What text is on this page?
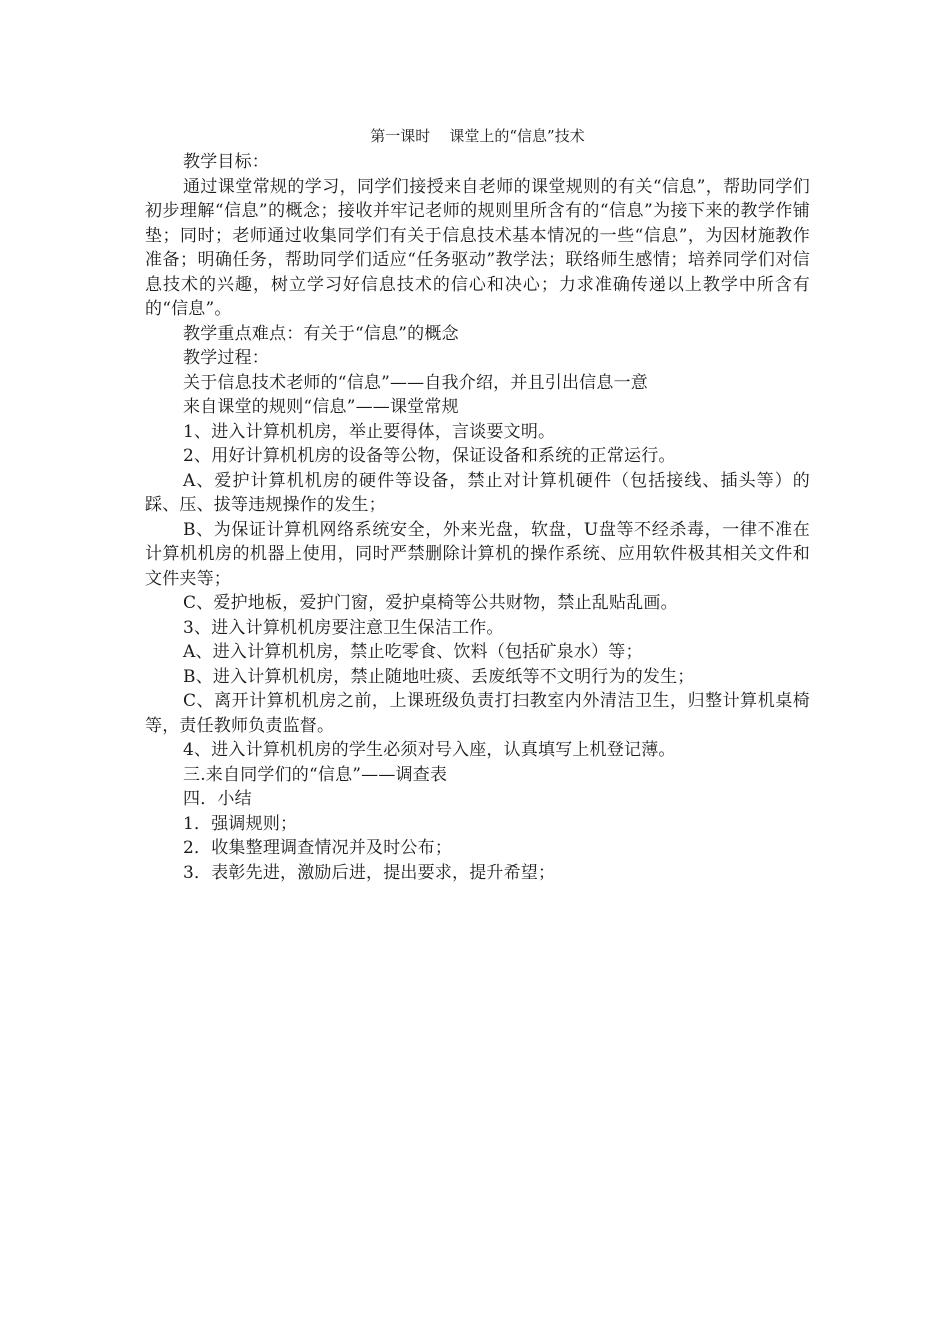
第一课时    课堂上的“信息”技术

教学目标：

通过课堂常规的学习，同学们接授来自老师的课堂规则的有关“信息”，帮助同学们初步理解“信息”的概念；接收并牢记老师的规则里所含有的“信息”为接下来的教学作铺垫；同时；老师通过收集同学们有关于信息技术基本情况的一些“信息”，为因材施教作准备；明确任务，帮助同学们适应“任务驱动”教学法；联络师生感情；培养同学们对信息技术的兴趣，树立学习好信息技术的信心和决心；力求准确传递以上教学中所含有的“信息”。

教学重点难点：有关于“信息”的概念

教学过程：

关于信息技术老师的“信息”——自我介绍，并且引出信息一意

来自课堂的规则“信息”——课堂常规

1、进入计算机机房，举止要得体，言谈要文明。

2、用好计算机机房的设备等公物，保证设备和系统的正常运行。

A、爱护计算机机房的硬件等设备，禁止对计算机硬件（包括接线、插头等）的踩、压、拔等违规操作的发生；

B、为保证计算机网络系统安全，外来光盘，软盘，U盘等不经杀毒，一律不准在计算机机房的机器上使用，同时严禁删除计算机的操作系统、应用软件极其相关文件和文件夹等；

C、爱护地板，爱护门窗，爱护桌椅等公共财物，禁止乱贴乱画。

3、进入计算机机房要注意卫生保洁工作。

A、进入计算机机房，禁止吃零食、饮料（包括矿泉水）等；

B、进入计算机机房，禁止随地吐痰、丢废纸等不文明行为的发生；

C、离开计算机机房之前，上课班级负责打扫教室内外清洁卫生，归整计算机桌椅等，责任教师负责监督。

4、进入计算机机房的学生必须对号入座，认真填写上机登记薄。

三.来自同学们的“信息”——调查表

四．小结

1．强调规则；

2．收集整理调查情况并及时公布；

3．表彰先进，激励后进，提出要求，提升希望；
